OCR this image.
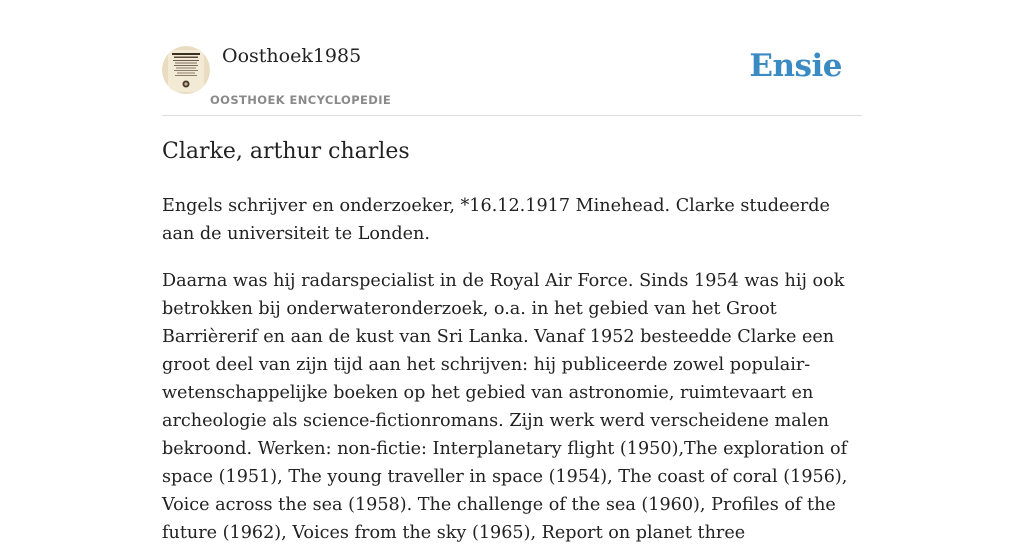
Oosthoek1985
OOSTHOEK ENCYCLOPEDIE
Ensie
Clarke, arthur charles

Engels schrijver en onderzoeker, *16.12.1917 Minehead. Clarke studeerde aan de universiteit te Londen.

Daarna was hij radarspecialist in de Royal Air Force. Sinds 1954 was hij ook betrokken bij onderwateronderzoek, o.a. in het gebied van het Groot Barrièrerif en aan de kust van Sri Lanka. Vanaf 1952 besteedde Clarke een groot deel van zijn tijd aan het schrijven: hij publiceerde zowel populair-wetenschappelijke boeken op het gebied van astronomie, ruimtevaart en archeologie als science-fictionromans. Zijn werk werd verscheidene malen bekroond. Werken: non-fictie: Interplanetary flight (1950),The exploration of space (1951), The young traveller in space (1954), The coast of coral (1956), Voice across the sea (1958). The challenge of the sea (1960), Profiles of the future (1962), Voices from the sky (1965), Report on planet three
